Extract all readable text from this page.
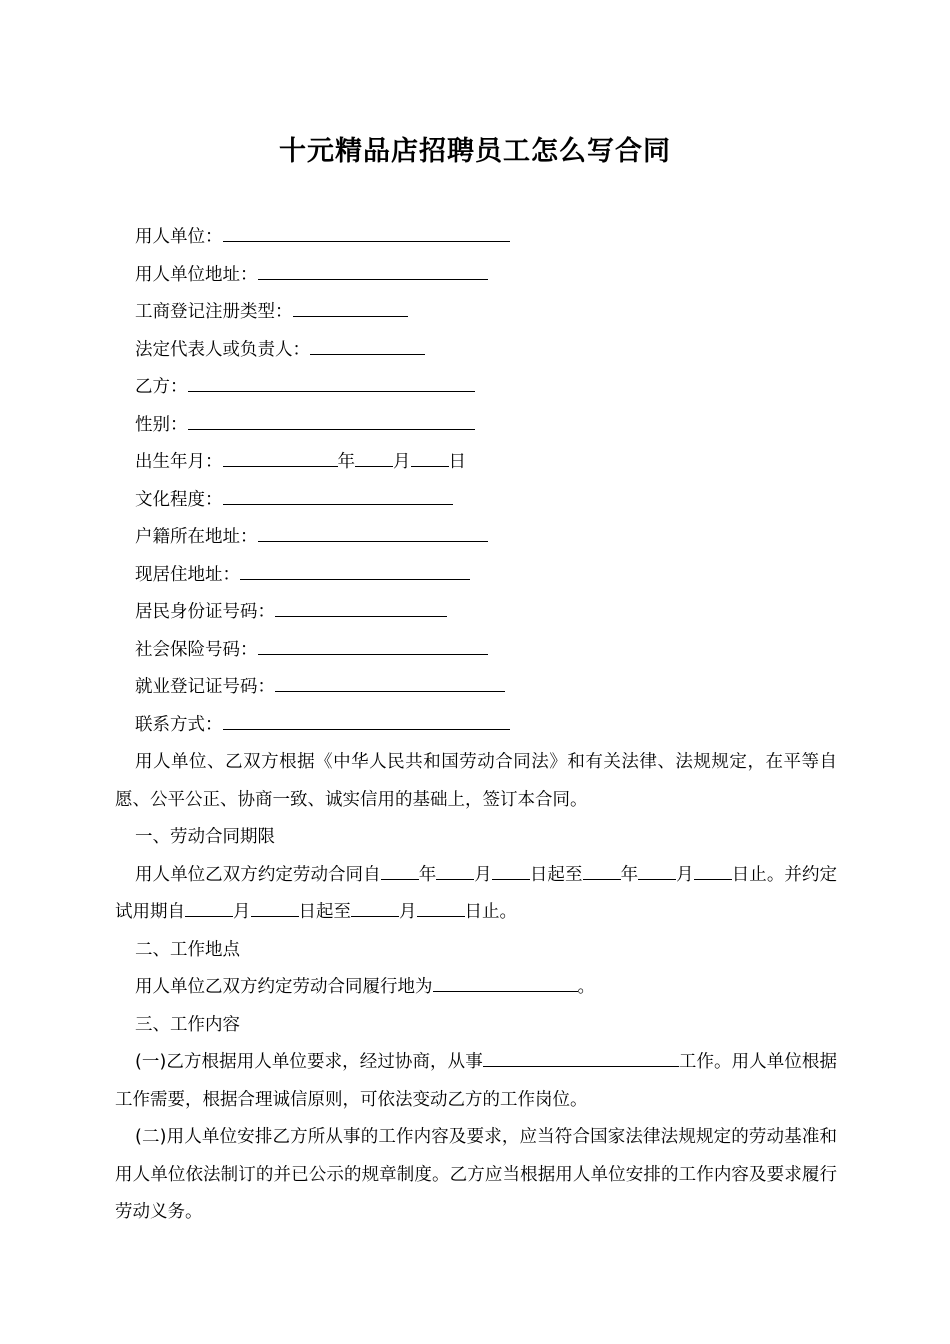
十元精品店招聘员工怎么写合同
用人单位：
用人单位地址：
工商登记注册类型：
法定代表人或负责人：
乙方：
性别：
出生年月：	年 月 日
文化程度：
户籍所在地址：
现居住地址：
居民身份证号码：
社会保险号码：
就业登记证号码：
联系方式：
用人单位、乙双方根据《中华人民共和国劳动合同法》和有关法律、法规规定，在平等自愿、公平公正、协商一致、诚实信用的基础上，签订本合同。
一、劳动合同期限
用人单位乙双方约定劳动合同自 年 月 日起至 年 月 日止。并约定试用期自	月	日起至	月	日止。
二、工作地点
用人单位乙双方约定劳动合同履行地为	。
三、工作内容
(一)乙方根据用人单位要求，经过协商，从事	工作。用人单位根据工作需要，根据合理诚信原则，可依法变动乙方的工作岗位。
(二)用人单位安排乙方所从事的工作内容及要求，应当符合国家法律法规规定的劳动基准和用人单位依法制订的并已公示的规章制度。乙方应当根据用人单位安排的工作内容及要求履行劳动义务。
